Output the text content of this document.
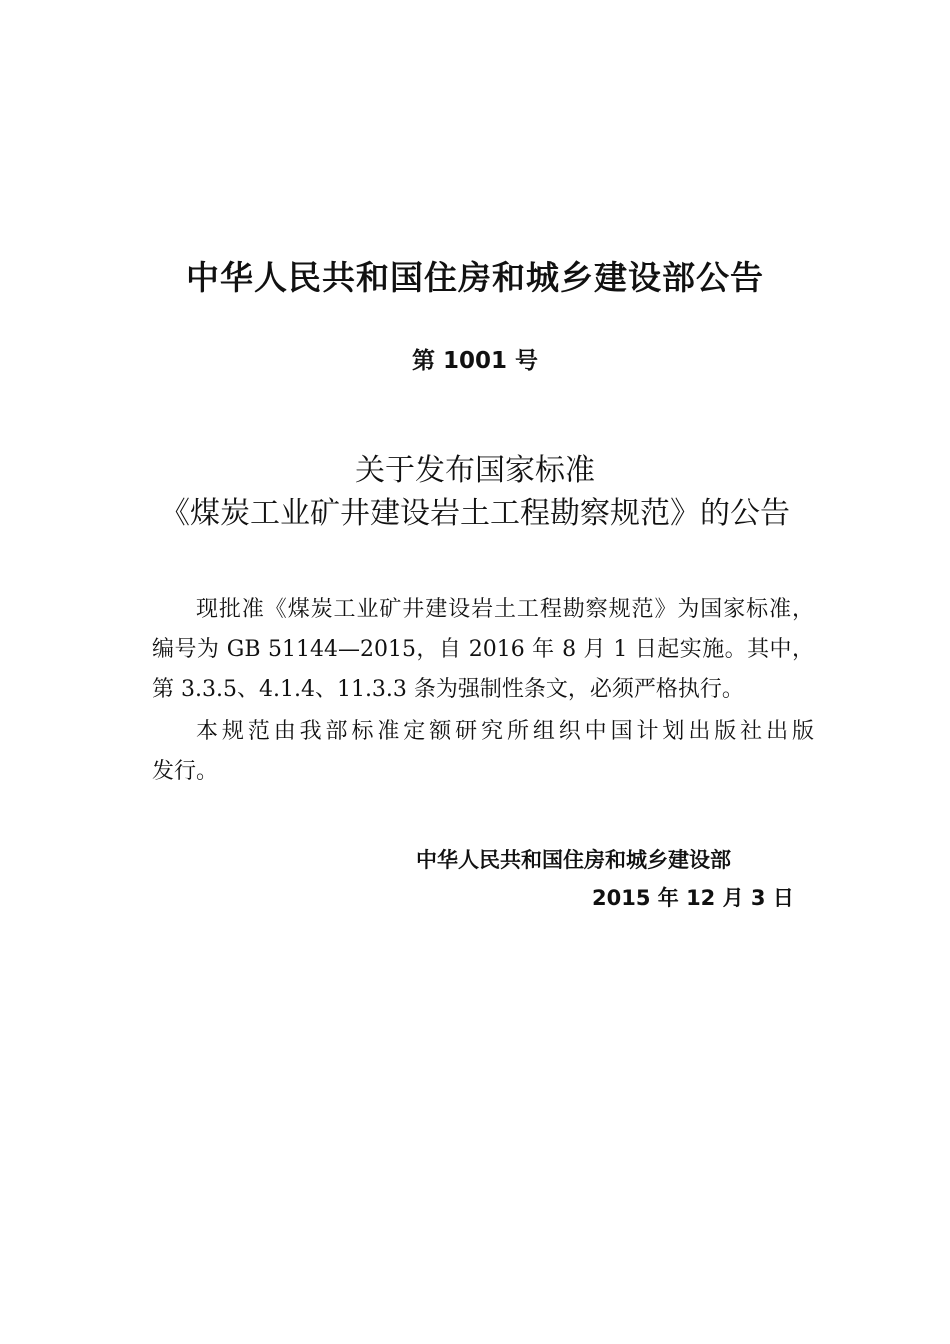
中华人民共和国住房和城乡建设部公告
第 1001 号
关于发布国家标准
《煤炭工业矿井建设岩土工程勘察规范》的公告
现批准《煤炭工业矿井建设岩土工程勘察规范》为国家标准，
编号为 GB 51144—2015，自 2016 年 8 月 1 日起实施。其中，
第 3.3.5、4.1.4、11.3.3 条为强制性条文，必须严格执行。
本规范由我部标准定额研究所组织中国计划出版社出版
发行。
中华人民共和国住房和城乡建设部
2015 年 12 月 3 日
